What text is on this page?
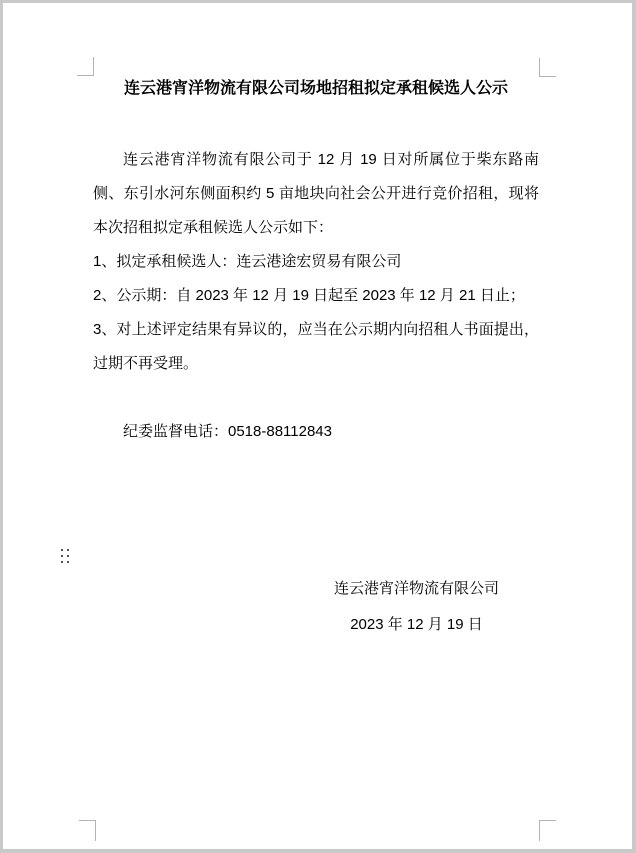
连云港宵洋物流有限公司场地招租拟定承租候选人公示

连云港宵洋物流有限公司于 12 月 19 日对所属位于柴东路南侧、东引水河东侧面积约 5 亩地块向社会公开进行竞价招租，现将本次招租拟定承租候选人公示如下：

1、拟定承租候选人：连云港途宏贸易有限公司

2、公示期：自 2023 年 12 月 19 日起至 2023 年 12 月 21 日止；

3、对上述评定结果有异议的，应当在公示期内向招租人书面提出，过期不再受理。

纪委监督电话：0518-88112843
连云港宵洋物流有限公司
2023 年 12 月 19 日
